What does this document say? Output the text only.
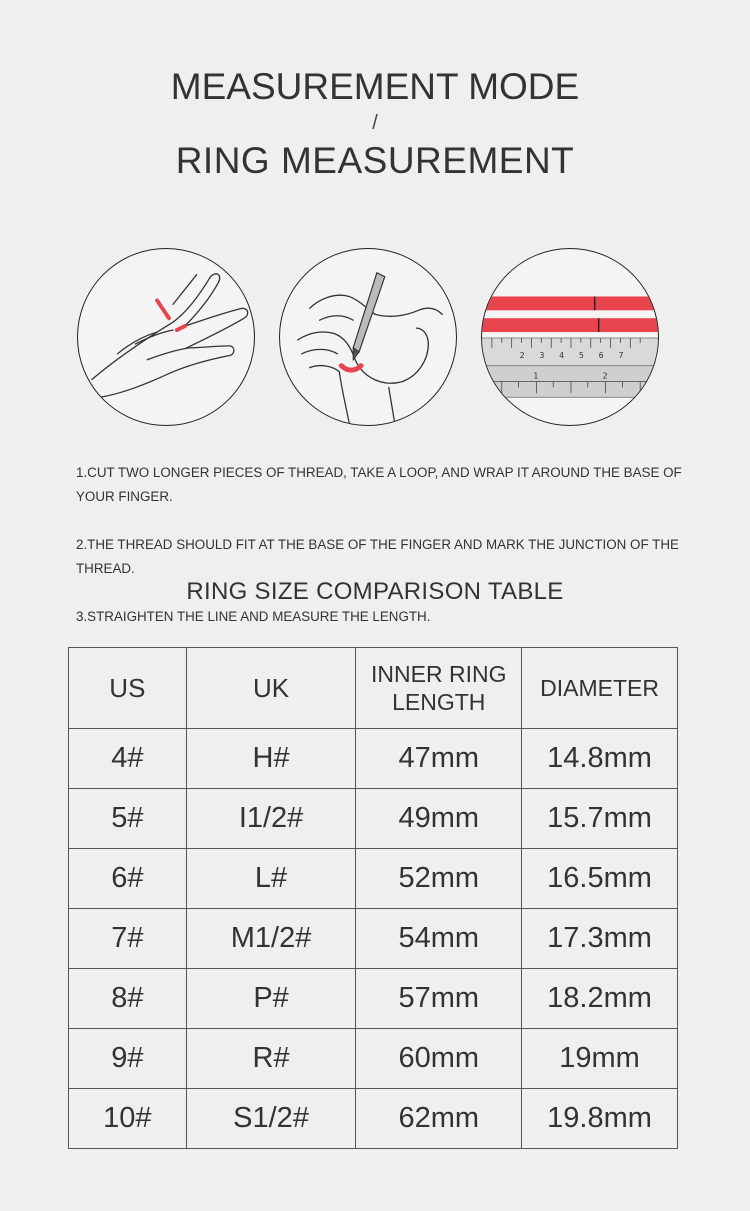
MEASUREMENT MODE
/
RING MEASUREMENT
2 3 4 5 6 7
1	2

1.CUT TWO LONGER PIECES OF THREAD, TAKE A LOOP, AND WRAP IT AROUND THE BASE OF YOUR FINGER.

2.THE THREAD SHOULD FIT AT THE BASE OF THE FINGER AND MARK THE JUNCTION OF THE THREAD.

3.STRAIGHTEN THE LINE AND MEASURE THE LENGTH.

RING SIZE COMPARISON TABLE
US	UK	INNER RING LENGTH	DIAMETER
4#	H#	47mm	14.8mm
5#	I1/2#	49mm	15.7mm
6#	L#	52mm	16.5mm
7#	M1/2#	54mm	17.3mm
8#	P#	57mm	18.2mm
9#	R#	60mm	19mm
10#	S1/2#	62mm	19.8mm
